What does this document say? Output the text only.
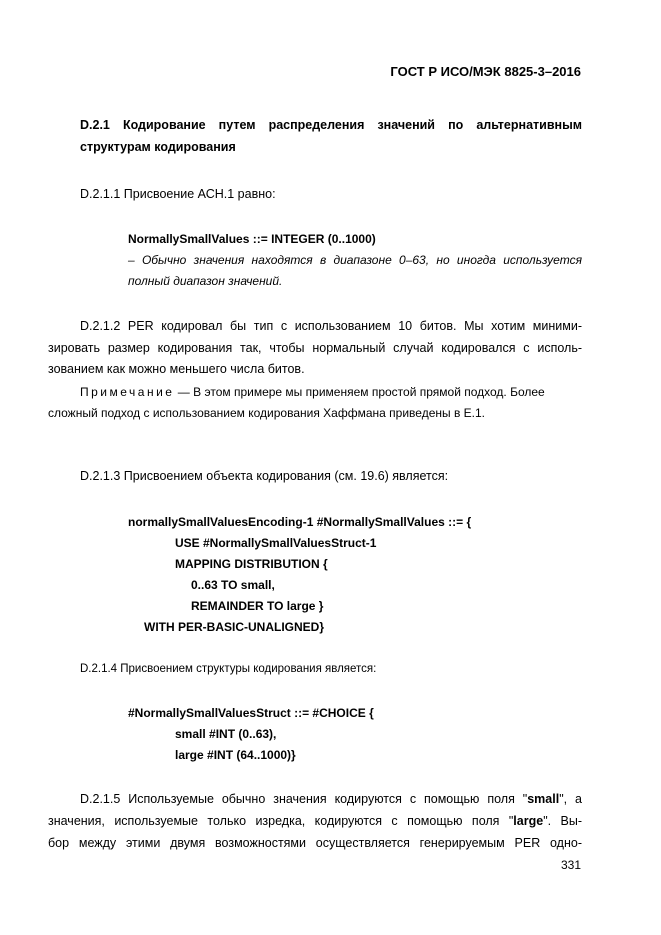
ГОСТ Р ИСО/МЭК 8825-3–2016
D.2.1 Кодирование путем распределения значений по альтернативным
структурам кодирования
D.2.1.1 Присвоение АСН.1 равно:
NormallySmallValues ::= INTEGER (0..1000)
– Обычно значения находятся в диапазоне 0–63, но иногда используется
полный диапазон значений.
D.2.1.2 PER кодировал бы тип с использованием 10 битов. Мы хотим миними-
зировать размер кодирования так, чтобы нормальный случай кодировался с исполь-
зованием как можно меньшего числа битов.
Примечание — В этом примере мы применяем простой прямой подход. Более
сложный подход с использованием кодирования Хаффмана приведены в Е.1.
D.2.1.3 Присвоением объекта кодирования (см. 19.6) является:
normallySmallValuesEncoding-1 #NormallySmallValues ::= {
USE #NormallySmallValuesStruct-1
MAPPING DISTRIBUTION {
0..63 TO small,
REMAINDER TO large }
WITH PER-BASIC-UNALIGNED}
D.2.1.4 Присвоением структуры кодирования является:
#NormallySmallValuesStruct ::= #CHOICE {
small #INT (0..63),
large #INT (64..1000)}
D.2.1.5 Используемые обычно значения кодируются с помощью поля "small", а
значения, используемые только изредка, кодируются с помощью поля "large". Вы-
бор между этими двумя возможностями осуществляется генерируемым PER одно-
331
